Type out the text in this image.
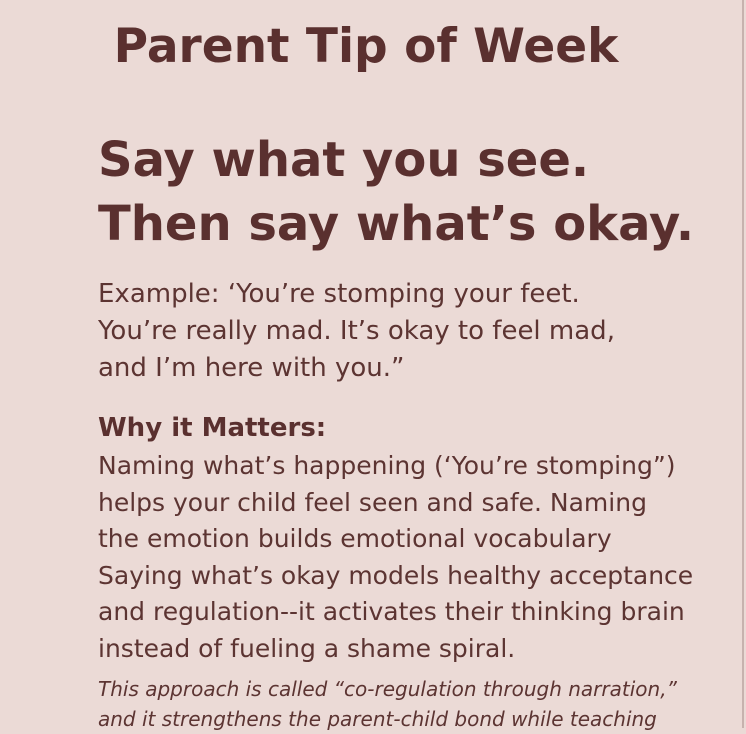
Parent Tip of Week
Say what you see.
Then say what’s okay.
Example: ‘You’re stomping your feet.
You’re really mad. It’s okay to feel mad,
and I’m here with you.”
Why it Matters:
Naming what’s happening (‘You’re stomping”)
helps your child feel seen and safe. Naming
the emotion builds emotional vocabulary
Saying what’s okay models healthy acceptance
and regulation--it activates their thinking brain
instead of fueling a shame spiral.
This approach is called “co-regulation through narration,”
and it strengthens the parent-child bond while teaching
